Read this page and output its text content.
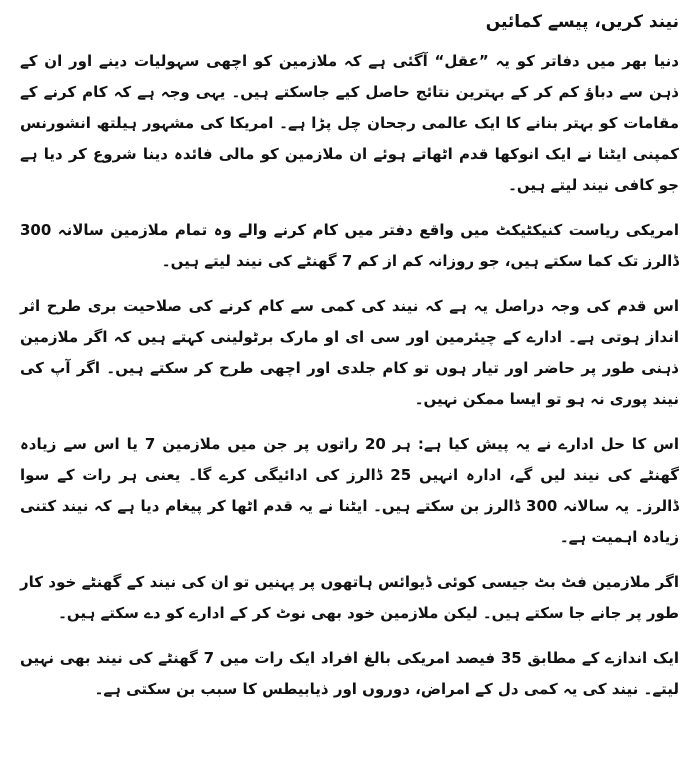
نیند کریں، پیسے کمائیں

دنیا بھر میں دفاتر کو یہ ”عقل“ آگئی ہے کہ ملازمین کو اچھی سہولیات دینے اور ان کے ذہن سے دباؤ کم کر کے بہترین نتائج حاصل کیے جاسکتے ہیں۔ یہی وجہ ہے کہ کام کرنے کے مقامات کو بہتر بنانے کا ایک عالمی رجحان چل پڑا ہے۔ امریکا کی مشہور ہیلتھ انشورنس کمپنی ایٹنا نے ایک انوکھا قدم اٹھاتے ہوئے ان ملازمین کو مالی فائدہ دینا شروع کر دیا ہے جو کافی نیند لیتے ہیں۔

امریکی ریاست کنیکٹیکٹ میں واقع دفتر میں کام کرنے والے وہ تمام ملازمین سالانہ 300 ڈالرز تک کما سکتے ہیں، جو روزانہ کم از کم 7 گھنٹے کی نیند لیتے ہیں۔

اس قدم کی وجہ دراصل یہ ہے کہ نیند کی کمی سے کام کرنے کی صلاحیت بری طرح اثر انداز ہوتی ہے۔ ادارے کے چیئرمین اور سی ای او مارک برٹولینی کہتے ہیں کہ اگر ملازمین ذہنی طور پر حاضر اور تیار ہوں تو کام جلدی اور اچھی طرح کر سکتے ہیں۔ اگر آپ کی نیند پوری نہ ہو تو ایسا ممکن نہیں۔

اس کا حل ادارے نے یہ پیش کیا ہے: ہر 20 راتوں پر جن میں ملازمین 7 یا اس سے زیادہ گھنٹے کی نیند لیں گے، ادارہ انہیں 25 ڈالرز کی ادائیگی کرے گا۔ یعنی ہر رات کے سوا ڈالرز۔ یہ سالانہ 300 ڈالرز بن سکتے ہیں۔ ایٹنا نے یہ قدم اٹھا کر پیغام دیا ہے کہ نیند کتنی زیادہ اہمیت ہے۔

اگر ملازمین فٹ بٹ جیسی کوئی ڈیوائس ہاتھوں پر پہنیں تو ان کی نیند کے گھنٹے خود کار طور پر جانے جا سکتے ہیں۔ لیکن ملازمین خود بھی نوٹ کر کے ادارے کو دے سکتے ہیں۔

ایک اندازے کے مطابق 35 فیصد امریکی بالغ افراد ایک رات میں 7 گھنٹے کی نیند بھی نہیں لیتے۔ نیند کی یہ کمی دل کے امراض، دوروں اور ذیابیطس کا سبب بن سکتی ہے۔
